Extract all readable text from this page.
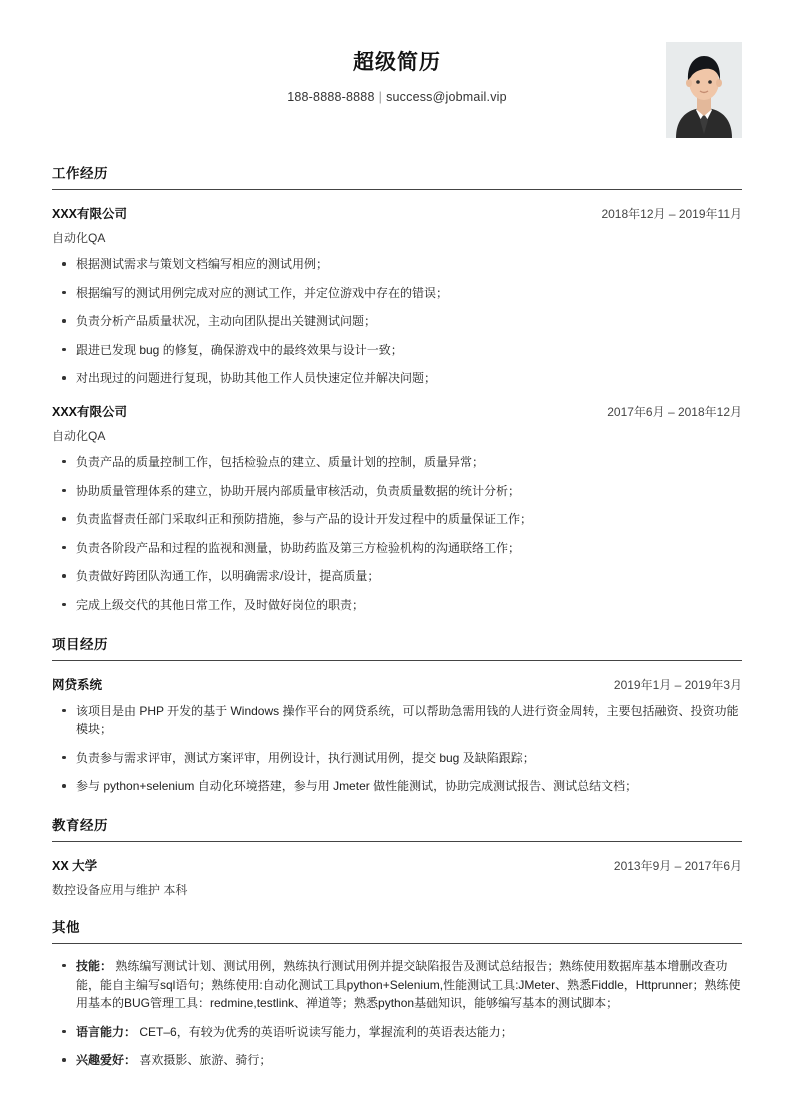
超级简历
188-8888-8888 | success@jobmail.vip
工作经历
XXX有限公司	2018年12月 – 2019年11月
自动化QA
根据测试需求与策划文档编写相应的测试用例；
根据编写的测试用例完成对应的测试工作，并定位游戏中存在的错误；
负责分析产品质量状况，主动向团队提出关键测试问题；
跟进已发现 bug 的修复，确保游戏中的最终效果与设计一致；
对出现过的问题进行复现，协助其他工作人员快速定位并解决问题；
XXX有限公司	2017年6月 – 2018年12月
自动化QA
负责产品的质量控制工作，包括检验点的建立、质量计划的控制，质量异常；
协助质量管理体系的建立，协助开展内部质量审核活动，负责质量数据的统计分析；
负责监督责任部门采取纠正和预防措施，参与产品的设计开发过程中的质量保证工作；
负责各阶段产品和过程的监视和测量，协助药监及第三方检验机构的沟通联络工作；
负责做好跨团队沟通工作，以明确需求/设计，提高质量；
完成上级交代的其他日常工作，及时做好岗位的职责；
项目经历
网贷系统	2019年1月 – 2019年3月
该项目是由 PHP 开发的基于 Windows 操作平台的网贷系统，可以帮助急需用钱的人进行资金周转，主要包括融资、投资功能模块；
负责参与需求评审，测试方案评审，用例设计，执行测试用例，提交 bug 及缺陷跟踪；
参与 python+selenium 自动化环境搭建，参与用 Jmeter 做性能测试，协助完成测试报告、测试总结文档；
教育经历
XX 大学	2013年9月 – 2017年6月
数控设备应用与维护 本科
其他
技能： 熟练编写测试计划、测试用例，熟练执行测试用例并提交缺陷报告及测试总结报告；熟练使用数据库基本增删改查功能，能自主编写sql语句；熟练使用:自动化测试工具python+Selenium,性能测试工具:JMeter、熟悉Fiddle，Httprunner；熟练使用基本的BUG管理工具：redmine,testlink、禅道等；熟悉python基础知识，能够编写基本的测试脚本；
语言能力： CET–6，有较为优秀的英语听说读写能力，掌握流利的英语表达能力；
兴趣爱好： 喜欢摄影、旅游、骑行；
